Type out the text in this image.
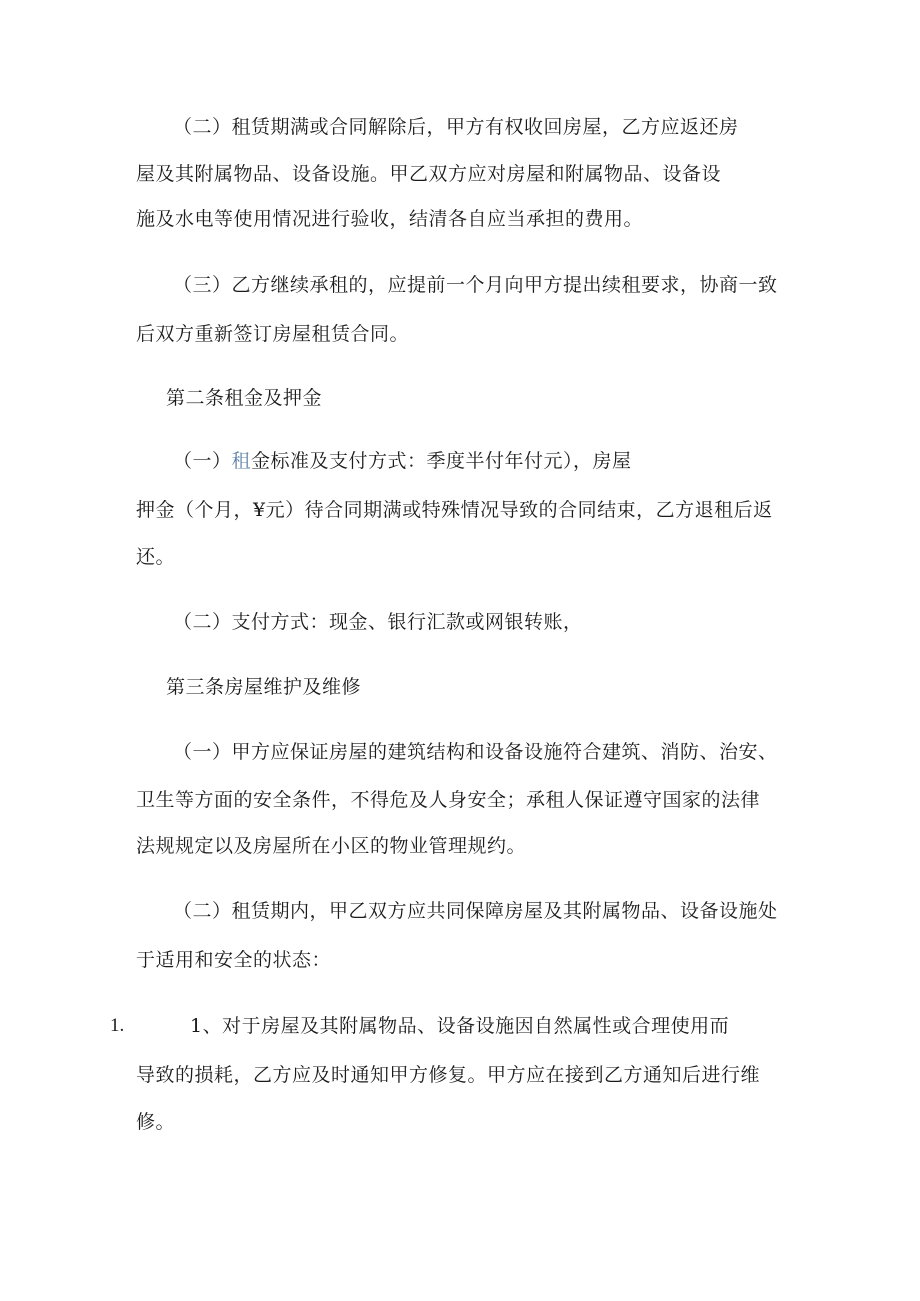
（二）租赁期满或合同解除后，甲方有权收回房屋，乙方应返还房
屋及其附属物品、设备设施。甲乙双方应对房屋和附属物品、设备设
施及水电等使用情况进行验收，结清各自应当承担的费用。
（三）乙方继续承租的，应提前一个月向甲方提出续租要求，协商一致
后双方重新签订房屋租赁合同。
第二条租金及押金
（一）租金标准及支付方式：季度半付年付元），房屋
押金（个月，¥元）待合同期满或特殊情况导致的合同结束，乙方退租后返
还。
（二）支付方式：现金、银行汇款或网银转账，
第三条房屋维护及维修
（一）甲方应保证房屋的建筑结构和设备设施符合建筑、消防、治安、
卫生等方面的安全条件，不得危及人身安全；承租人保证遵守国家的法律
法规规定以及房屋所在小区的物业管理规约。
（二）租赁期内，甲乙双方应共同保障房屋及其附属物品、设备设施处
于适用和安全的状态：
1.	1、对于房屋及其附属物品、设备设施因自然属性或合理使用而
导致的损耗，乙方应及时通知甲方修复。甲方应在接到乙方通知后进行维
修。
